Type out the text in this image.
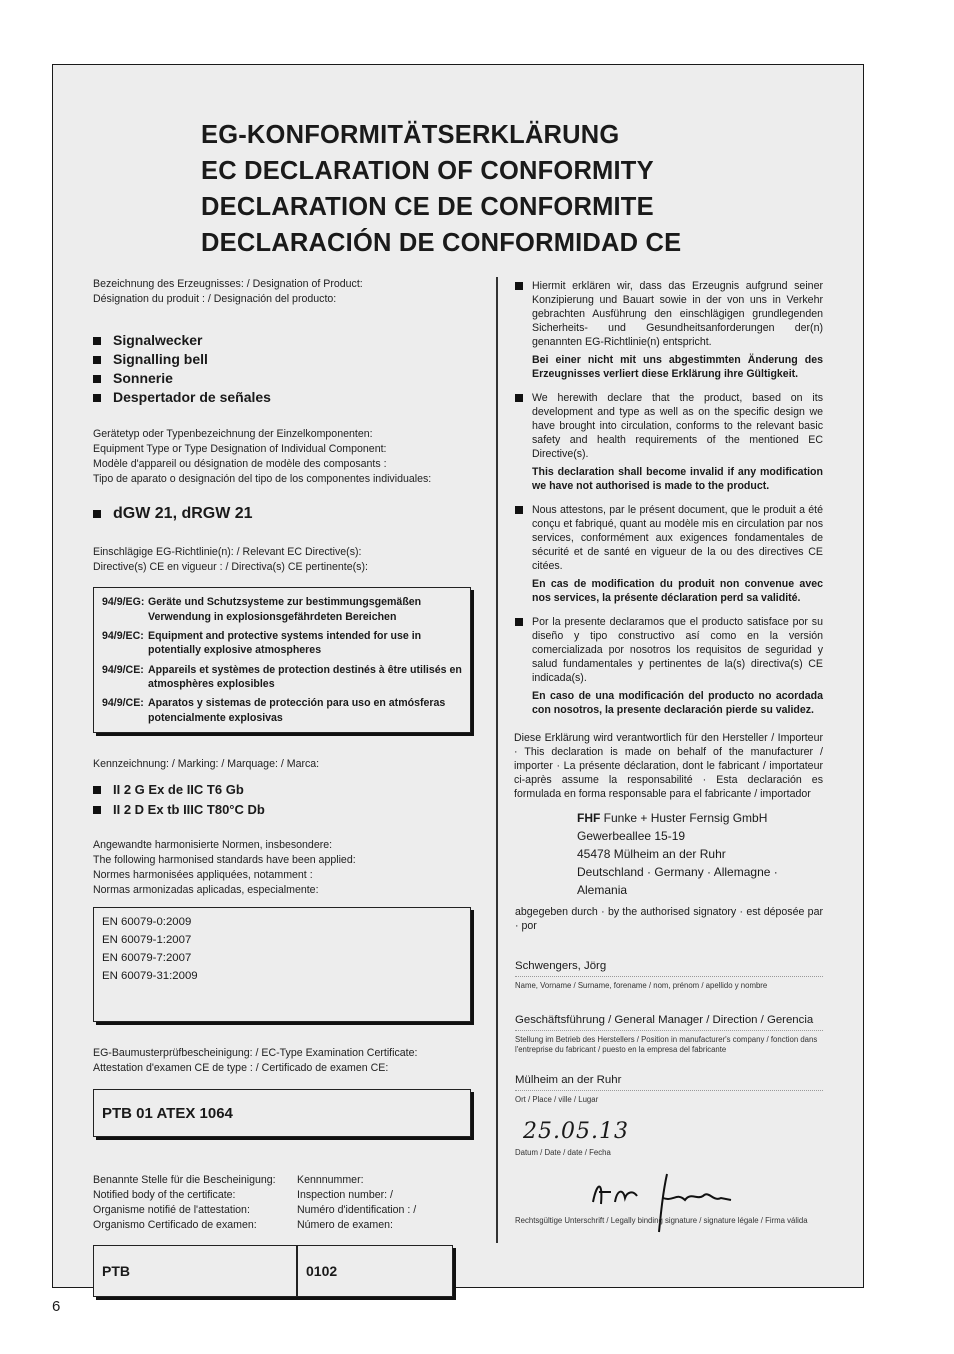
EG-KONFORMITÄTSERKLÄRUNG
EC DECLARATION OF CONFORMITY
DECLARATION CE DE CONFORMITE
DECLARACIÓN DE CONFORMIDAD CE
Bezeichnung des Erzeugnisses: / Designation of Product:
Désignation du produit : / Designación del producto:
Signalwecker
Signalling bell
Sonnerie
Despertador de señales
Gerätetyp oder Typenbezeichnung der Einzelkomponenten:
Equipment Type or Type Designation of Individual Component:
Modèle d'appareil ou désignation de modèle des composants :
Tipo de aparato o designación del tipo de los componentes individuales:
dGW 21, dRGW 21
Einschlägige EG-Richtlinie(n): / Relevant EC Directive(s):
Directive(s) CE en vigueur : / Directiva(s) CE pertinente(s):
94/9/EG: Geräte und Schutzsysteme zur bestimmungsgemäßen Verwendung in explosionsgefährdeten Bereichen
94/9/EC: Equipment and protective systems intended for use in potentially explosive atmospheres
94/9/CE: Appareils et systèmes de protection destinés à être utilisés en atmosphères explosibles
94/9/CE: Aparatos y sistemas de protección para uso en atmósferas potencialmente explosivas
Kennzeichnung: / Marking: / Marquage: / Marca:
II 2 G Ex de IIC T6 Gb
II 2 D Ex tb IIIC T80°C Db
Angewandte harmonisierte Normen, insbesondere:
The following harmonised standards have been applied:
Normes harmonisées appliquées, notamment :
Normas armonizadas aplicadas, especialmente:
EN 60079-0:2009
EN 60079-1:2007
EN 60079-7:2007
EN 60079-31:2009
EG-Baumusterprüfbescheinigung: / EC-Type Examination Certificate:
Attestation d'examen CE de type : / Certificado de examen CE:
PTB 01 ATEX 1064
Benannte Stelle für die Bescheinigung:
Notified body of the certificate:
Organisme notifié de l'attestation:
Organismo Certificado de examen:
PTB
Kennnummer:
Inspection number: /
Numéro d'identification : /
Número de examen:
0102
Hiermit erklären wir, dass das Erzeugnis aufgrund seiner Konzipierung und Bauart sowie in der von uns in Verkehr gebrachten Ausführung den einschlägigen grundlegenden Sicherheits- und Gesundheitsanforderungen der(n) genannten EG-Richtlinie(n) entspricht.
Bei einer nicht mit uns abgestimmten Änderung des Erzeugnisses verliert diese Erklärung ihre Gültigkeit.
We herewith declare that the product, based on its development and type as well as on the specific design we have brought into circulation, conforms to the relevant basic safety and health requirements of the mentioned EC Directive(s).
This declaration shall become invalid if any modification we have not authorised is made to the product.
Nous attestons, par le présent document, que le produit a été conçu et fabriqué, quant au modèle mis en circulation par nos services, conformément aux exigences fondamentales de sécurité et de santé en vigueur de la ou des directives CE citées.
En cas de modification du produit non convenue avec nos services, la présente déclaration perd sa validité.
Por la presente declaramos que el producto satisface por su diseño y tipo constructivo así como en la versión comercializada por nosotros los requisitos de seguridad y salud fundamentales y pertinentes de la(s) directiva(s) CE indicada(s).
En caso de una modificación del producto no acordada con nosotros, la presente declaración pierde su validez.
Diese Erklärung wird verantwortlich für den Hersteller / Importeur · This declaration is made on behalf of the manufacturer / importer · La présente déclaration, dont le fabricant / importateur ci-après assume la responsabilité · Esta declaración es formulada en forma responsable para el fabricante / importador
FHF Funke + Huster Fernsig GmbH
Gewerbeallee 15-19
45478 Mülheim an der Ruhr
Deutschland · Germany · Allemagne · Alemania
abgegeben durch · by the authorised signatory · est déposée par · por
Schwengers, Jörg
Name, Vorname / Surname, forename / nom, prénom / apellido y nombre
Geschäftsführung / General Manager / Direction / Gerencia
Stellung im Betrieb des Herstellers / Position in manufacturer's company / fonction dans l'entreprise du fabricant / puesto en la empresa del fabricante
Mülheim an der Ruhr
Ort / Place / ville / Lugar
25.05.13
Datum / Date / date / Fecha
Rechtsgültige Unterschrift / Legally binding signature / signature légale / Firma válida
6
